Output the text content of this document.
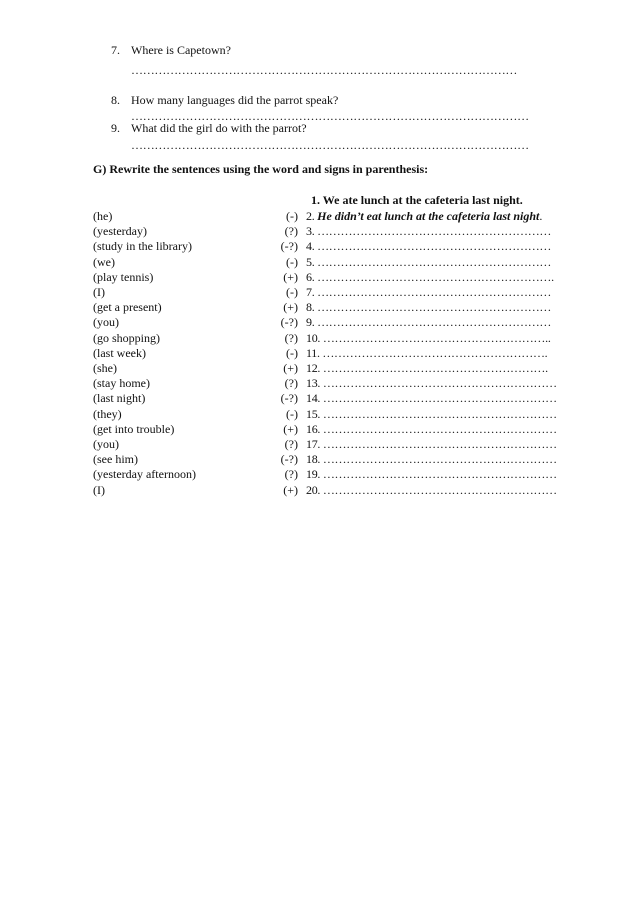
7. Where is Capetown?
………………………………………………………………………………………
8. How many languages did the parrot speak?
…………………………………………………………………………………………
9. What did the girl do with the parrot?
…………………………………………………………………………………………
G) Rewrite the sentences using the word and signs in parenthesis:
1. We ate lunch at the cafeteria last night.
(he)	(-) 2. He didn’t eat lunch at the cafeteria last night.
(yesterday)	(?) 3. ……………………………………………………
(study in the library)	(-?) 4. ……………………………………………………
(we)	(-) 5. ……………………………………………………
(play tennis)	(+) 6. …………………………………………………….
(I)	(-) 7. ……………………………………………………
(get a present)	(+) 8. ……………………………………………………
(you)	(-?) 9. ……………………………………………………
(go shopping)	(?) 10. …………………………………………………..
(last week)	(-) 11. ………………………………………………….
(she)	(+) 12. ………………………………………………….
(stay home)	(?) 13. ……………………………………………………
(last night)	(-?) 14. ……………………………………………………
(they)	(-) 15. ……………………………………………………
(get into trouble)	(+) 16. ……………………………………………………
(you)	(?) 17. ……………………………………………………
(see him)	(-?) 18. ……………………………………………………
(yesterday afternoon)	(?) 19. ……………………………………………………
(I)	(+) 20. ……………………………………………………
